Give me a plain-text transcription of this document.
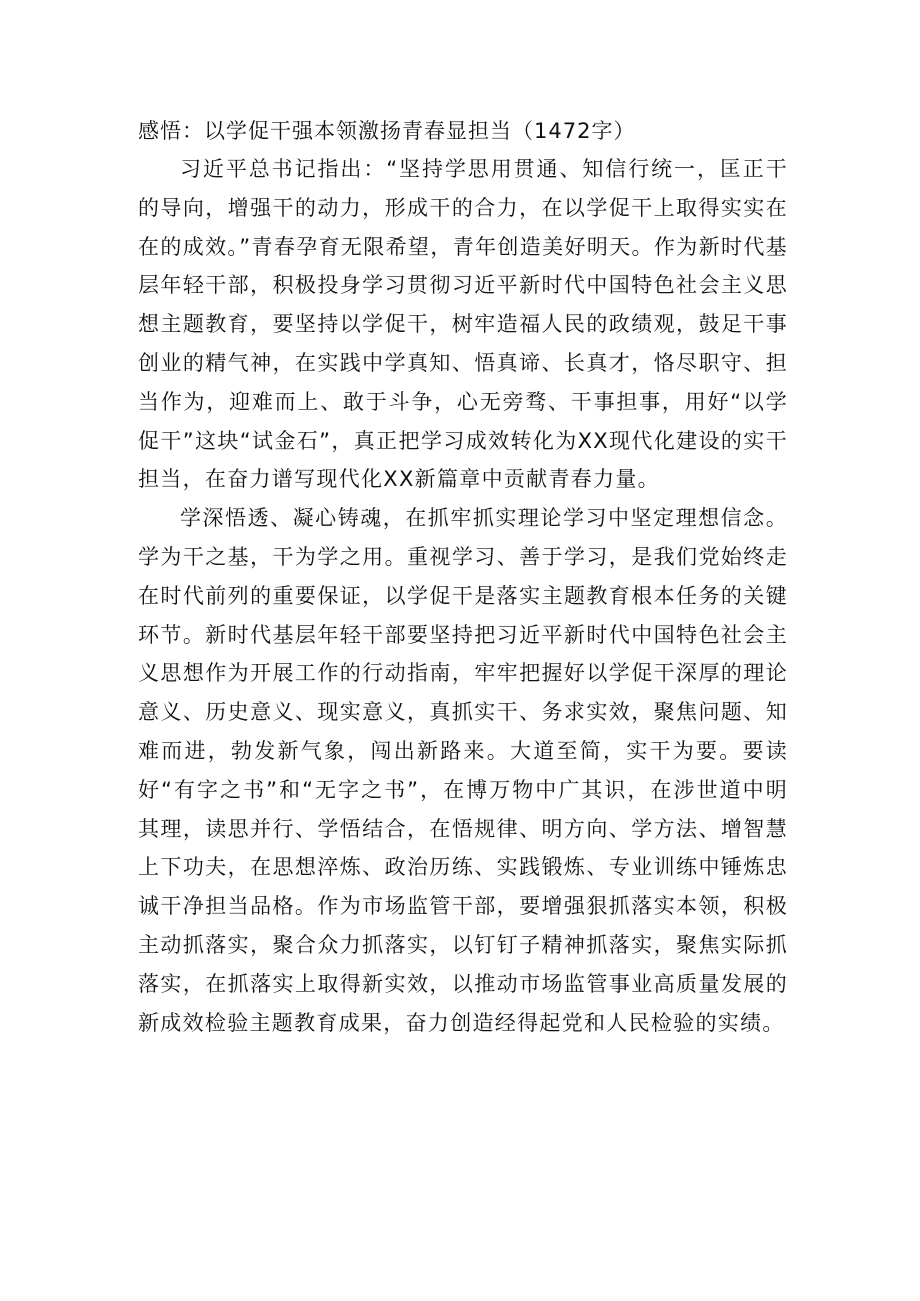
感悟：以学促干强本领激扬青春显担当（1472字）

习近平总书记指出：“坚持学思用贯通、知信行统一，匡正干的导向，增强干的动力，形成干的合力，在以学促干上取得实实在在的成效。”青春孕育无限希望，青年创造美好明天。作为新时代基层年轻干部，积极投身学习贯彻习近平新时代中国特色社会主义思想主题教育，要坚持以学促干，树牢造福人民的政绩观，鼓足干事创业的精气神，在实践中学真知、悟真谛、长真才，恪尽职守、担当作为，迎难而上、敢于斗争，心无旁骛、干事担事，用好“以学促干”这块“试金石”，真正把学习成效转化为XX现代化建设的实干担当，在奋力谱写现代化XX新篇章中贡献青春力量。

学深悟透、凝心铸魂，在抓牢抓实理论学习中坚定理想信念。学为干之基，干为学之用。重视学习、善于学习，是我们党始终走在时代前列的重要保证，以学促干是落实主题教育根本任务的关键环节。新时代基层年轻干部要坚持把习近平新时代中国特色社会主义思想作为开展工作的行动指南，牢牢把握好以学促干深厚的理论意义、历史意义、现实意义，真抓实干、务求实效，聚焦问题、知难而进，勃发新气象，闯出新路来。大道至简，实干为要。要读好“有字之书”和“无字之书”，在博万物中广其识，在涉世道中明其理，读思并行、学悟结合，在悟规律、明方向、学方法、增智慧上下功夫，在思想淬炼、政治历练、实践锻炼、专业训练中锤炼忠诚干净担当品格。作为市场监管干部，要增强狠抓落实本领，积极主动抓落实，聚合众力抓落实，以钉钉子精神抓落实，聚焦实际抓落实，在抓落实上取得新实效，以推动市场监管事业高质量发展的新成效检验主题教育成果，奋力创造经得起党和人民检验的实绩。
